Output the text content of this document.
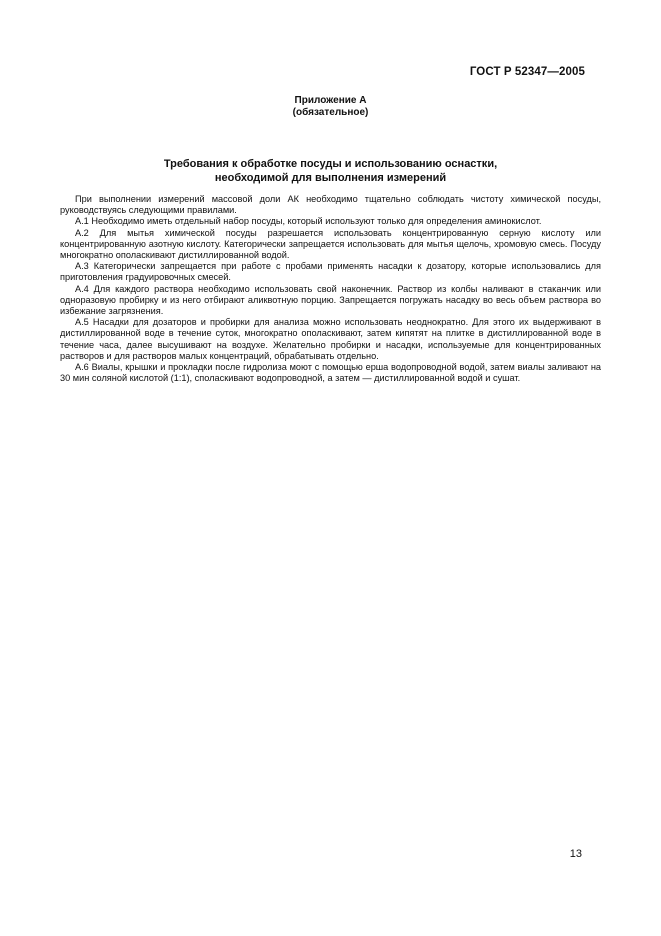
ГОСТ Р 52347—2005
Приложение А
(обязательное)
Требования к обработке посуды и использованию оснастки,
необходимой для выполнения измерений

При выполнении измерений массовой доли АК необходимо тщательно соблюдать чистоту химической посуды, руководствуясь следующими правилами.

А.1 Необходимо иметь отдельный набор посуды, который используют только для определения аминокислот.

А.2 Для мытья химической посуды разрешается использовать концентрированную серную кислоту или концентрированную азотную кислоту. Категорически запрещается использовать для мытья щелочь, хромовую смесь. Посуду многократно ополаскивают дистиллированной водой.

А.3 Категорически запрещается при работе с пробами применять насадки к дозатору, которые использовались для приготовления градуировочных смесей.

А.4 Для каждого раствора необходимо использовать свой наконечник. Раствор из колбы наливают в стаканчик или одноразовую пробирку и из него отбирают аликвотную порцию. Запрещается погружать насадку во весь объем раствора во избежание загрязнения.

А.5 Насадки для дозаторов и пробирки для анализа можно использовать неоднократно. Для этого их выдерживают в дистиллированной воде в течение суток, многократно ополаскивают, затем кипятят на плитке в дистиллированной воде в течение часа, далее высушивают на воздухе. Желательно пробирки и насадки, используемые для концентрированных растворов и для растворов малых концентраций, обрабатывать отдельно.

А.6 Виалы, крышки и прокладки после гидролиза моют с помощью ерша водопроводной водой, затем виалы заливают на 30 мин соляной кислотой (1:1), споласкивают водопроводной, а затем — дистиллированной водой и сушат.

13
